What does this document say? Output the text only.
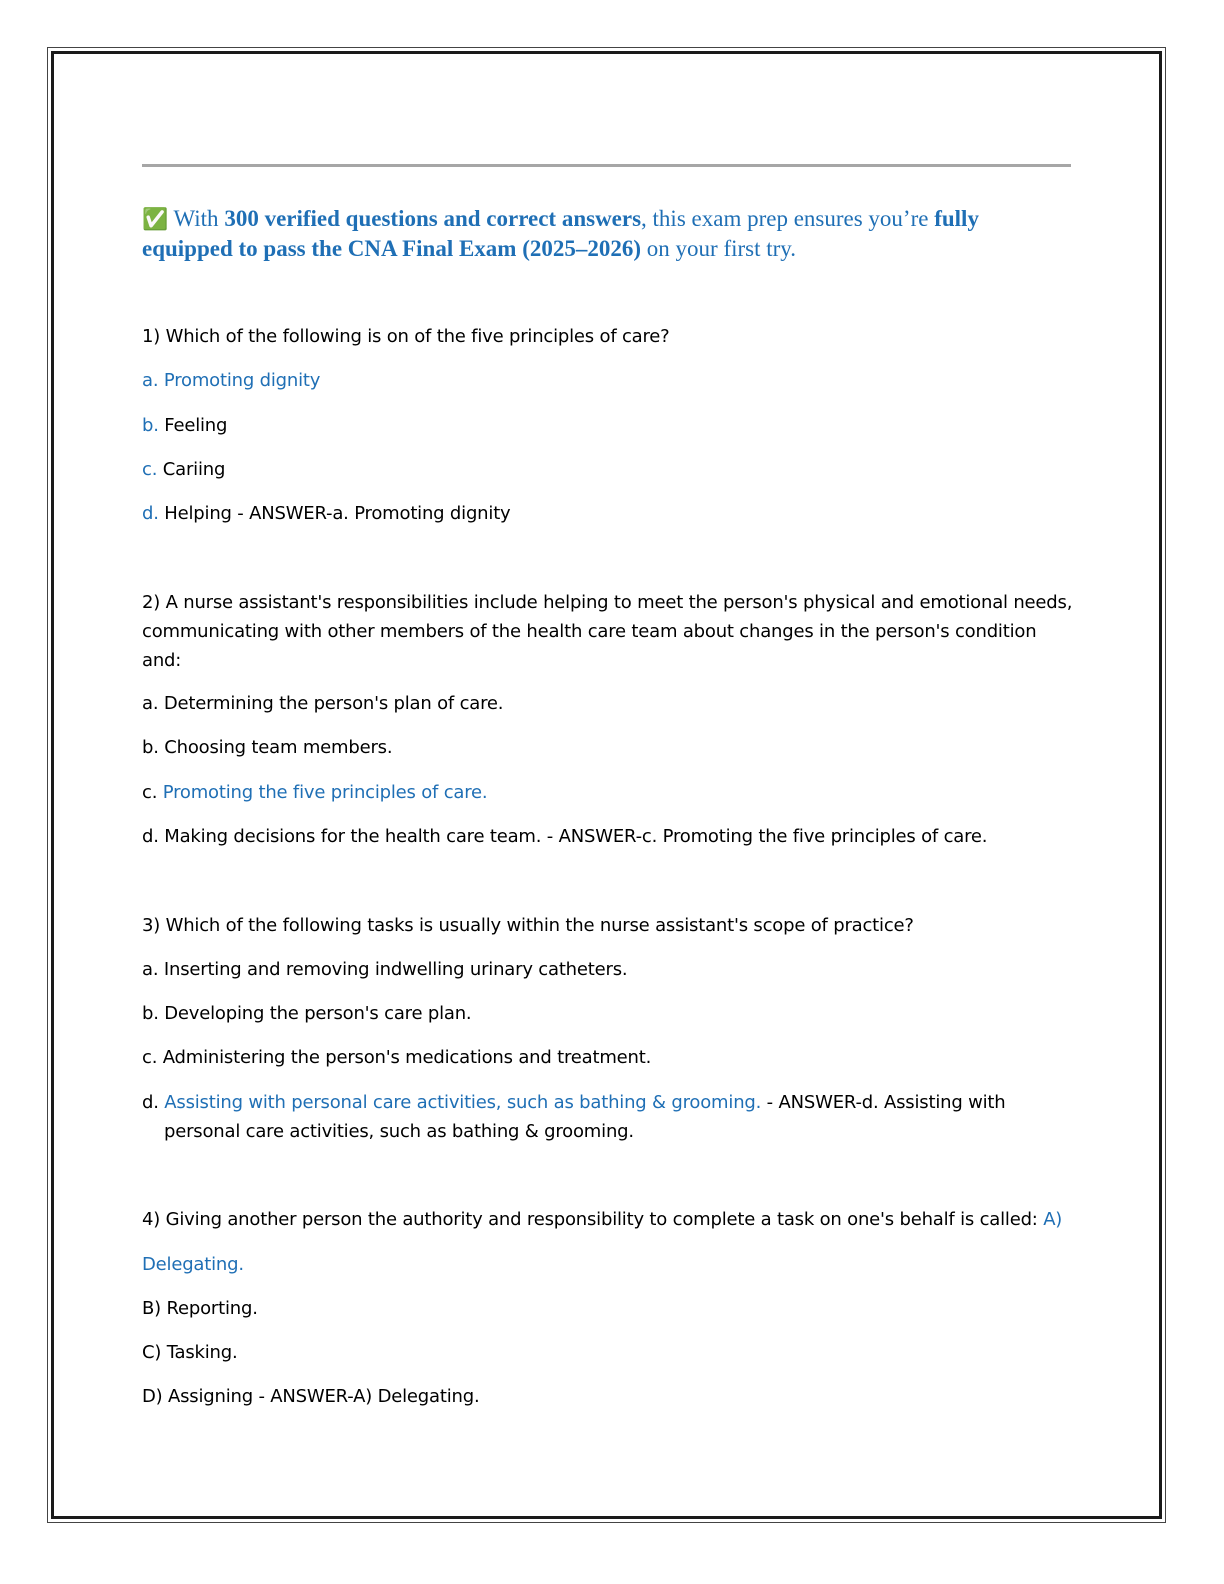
✅ With 300 verified questions and correct answers, this exam prep ensures you’re fully equipped to pass the CNA Final Exam (2025–2026) on your first try.
1) Which of the following is on of the five principles of care?
a. Promoting dignity
b. Feeling
c. Cariing
d. Helping - ANSWER-a. Promoting dignity
2) A nurse assistant's responsibilities include helping to meet the person's physical and emotional needs,
communicating with other members of the health care team about changes in the person's condition
and:
a. Determining the person's plan of care.
b. Choosing team members.
c. Promoting the five principles of care.
d. Making decisions for the health care team. - ANSWER-c. Promoting the five principles of care.
3) Which of the following tasks is usually within the nurse assistant's scope of practice?
a. Inserting and removing indwelling urinary catheters.
b. Developing the person's care plan.
c. Administering the person's medications and treatment.
d. Assisting with personal care activities, such as bathing & grooming. - ANSWER-d. Assisting with
personal care activities, such as bathing & grooming.
4) Giving another person the authority and responsibility to complete a task on one's behalf is called: A)
Delegating.
B) Reporting.
C) Tasking.
D) Assigning - ANSWER-A) Delegating.
